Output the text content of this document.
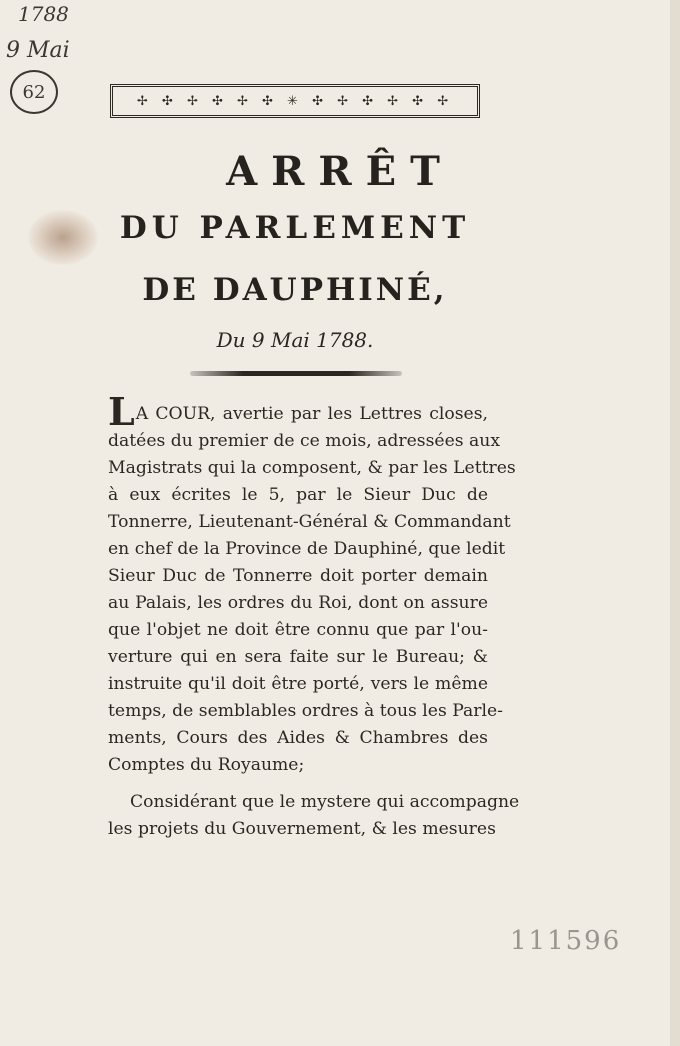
1788
9 Mai
62	✢ ✣ ✢ ✣ ✢ ✣ ✳ ✣ ✢ ✣ ✢ ✣ ✢
ARRÊT
DU PARLEMENT
DE DAUPHINÉ,
Du 9 Mai 1788.
LA COUR, avertie par les Lettres closes,
datées du premier de ce mois, adressées aux
Magistrats qui la composent, & par les Lettres
à eux écrites le 5, par le Sieur Duc de
Tonnerre, Lieutenant-Général & Commandant
en chef de la Province de Dauphiné, que ledit
Sieur Duc de Tonnerre doit porter demain
au Palais, les ordres du Roi, dont on assure
que l'objet ne doit être connu que par l'ou-
verture qui en sera faite sur le Bureau; &
instruite qu'il doit être porté, vers le même
temps, de semblables ordres à tous les Parle-
ments, Cours des Aides & Chambres des
Comptes du Royaume;
Considérant que le mystere qui accompagne
les projets du Gouvernement, & les mesures
111596
